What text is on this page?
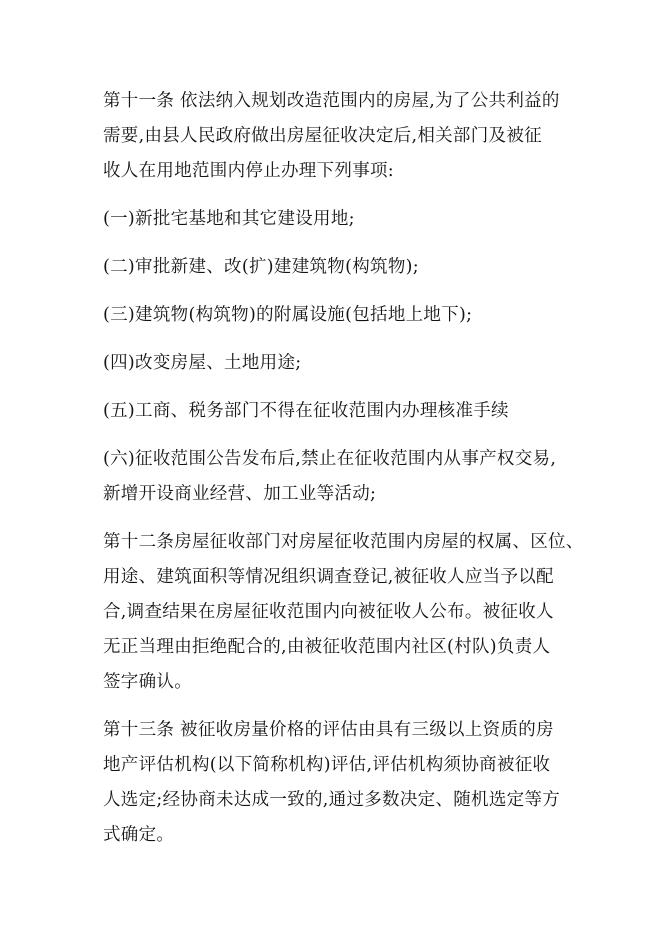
第十一条 依法纳入规划改造范围内的房屋,为了公共利益的
需要,由县人民政府做出房屋征收决定后,相关部门及被征
收人在用地范围内停止办理下列事项:

(一)新批宅基地和其它建设用地;

(二)审批新建、改(扩)建建筑物(构筑物);

(三)建筑物(构筑物)的附属设施(包括地上地下);

(四)改变房屋、土地用途;

(五)工商、税务部门不得在征收范围内办理核准手续

(六)征收范围公告发布后,禁止在征收范围内从事产权交易,
新增开设商业经营、加工业等活动;

第十二条房屋征收部门对房屋征收范围内房屋的权属、区位、
用途、建筑面积等情况组织调查登记,被征收人应当予以配
合,调查结果在房屋征收范围内向被征收人公布。被征收人
无正当理由拒绝配合的,由被征收范围内社区(村队)负责人
签字确认。

第十三条 被征收房量价格的评估由具有三级以上资质的房
地产评估机构(以下简称机构)评估,评估机构须协商被征收
人选定;经协商未达成一致的,通过多数决定、随机选定等方
式确定。
